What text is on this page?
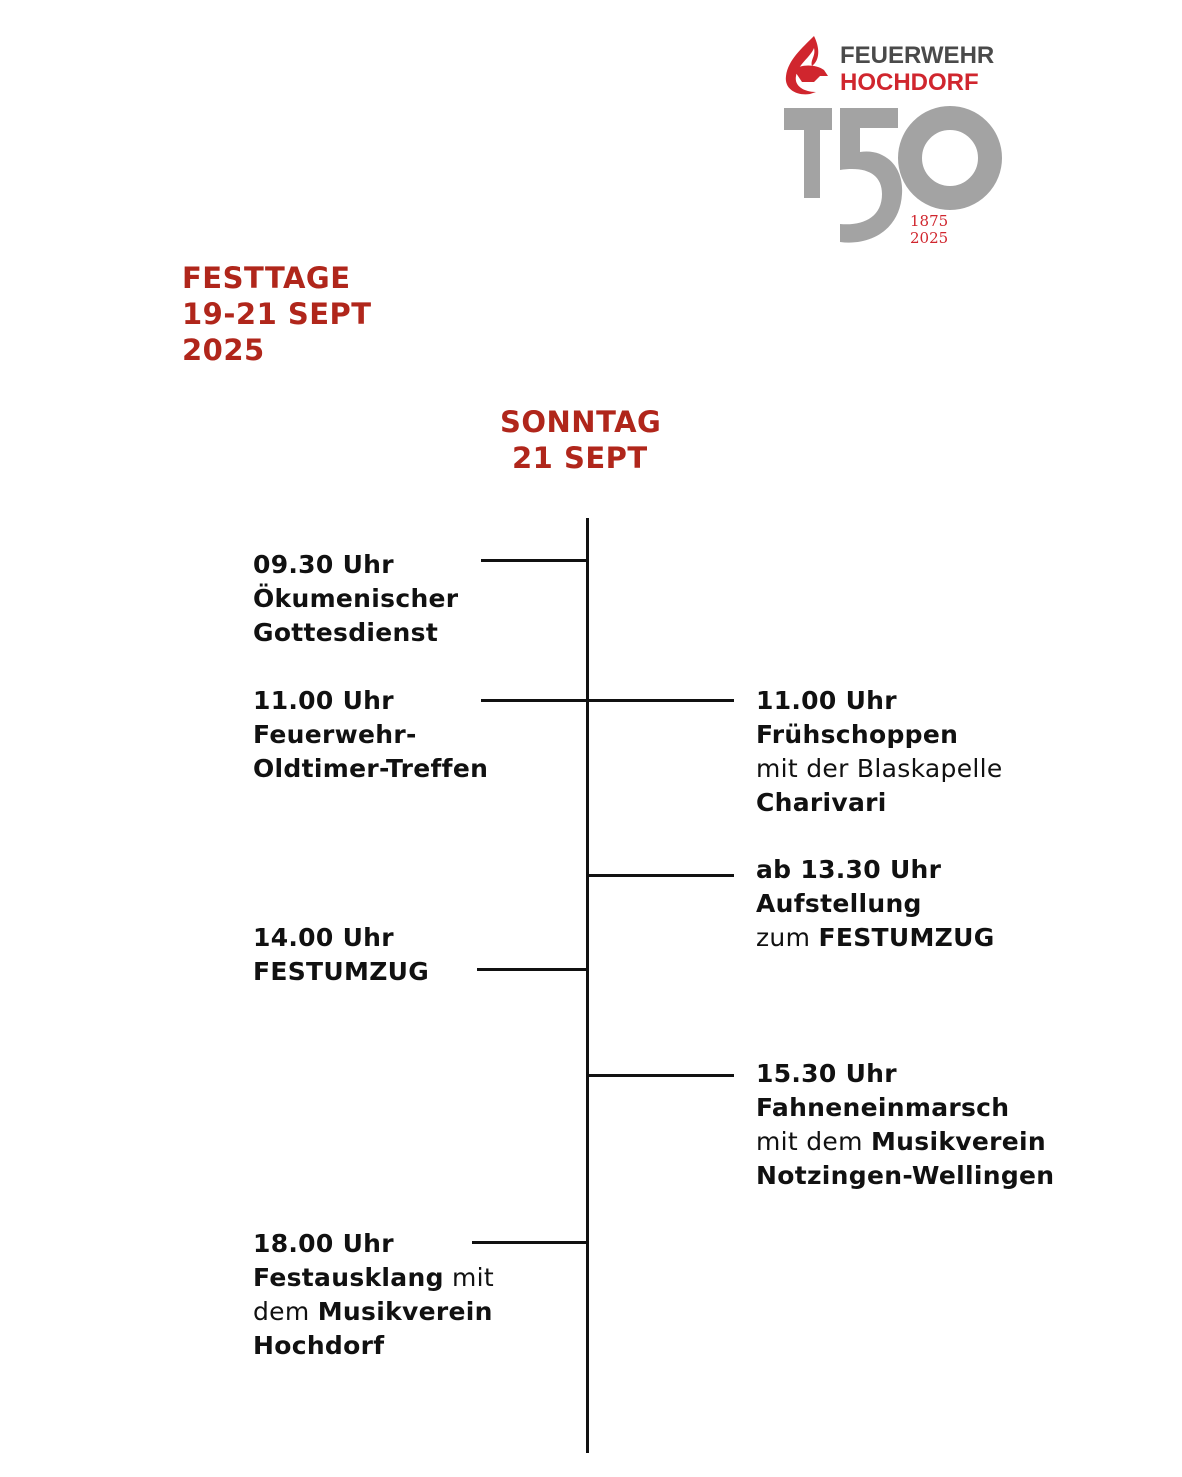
FEUERWEHR
HOCHDORF
1875
2025
FESTTAGE
19-21 SEPT
2025
SONNTAG
21 SEPT
09.30 Uhr
Ökumenischer
Gottesdienst
11.00 Uhr
Feuerwehr-
Oldtimer-Treffen
14.00 Uhr
FESTUMZUG
18.00 Uhr
Festausklang mit
dem Musikverein
Hochdorf
11.00 Uhr
Frühschoppen
mit der Blaskapelle
Charivari
ab 13.30 Uhr
Aufstellung
zum FESTUMZUG
15.30 Uhr
Fahneneinmarsch
mit dem Musikverein
Notzingen-Wellingen
